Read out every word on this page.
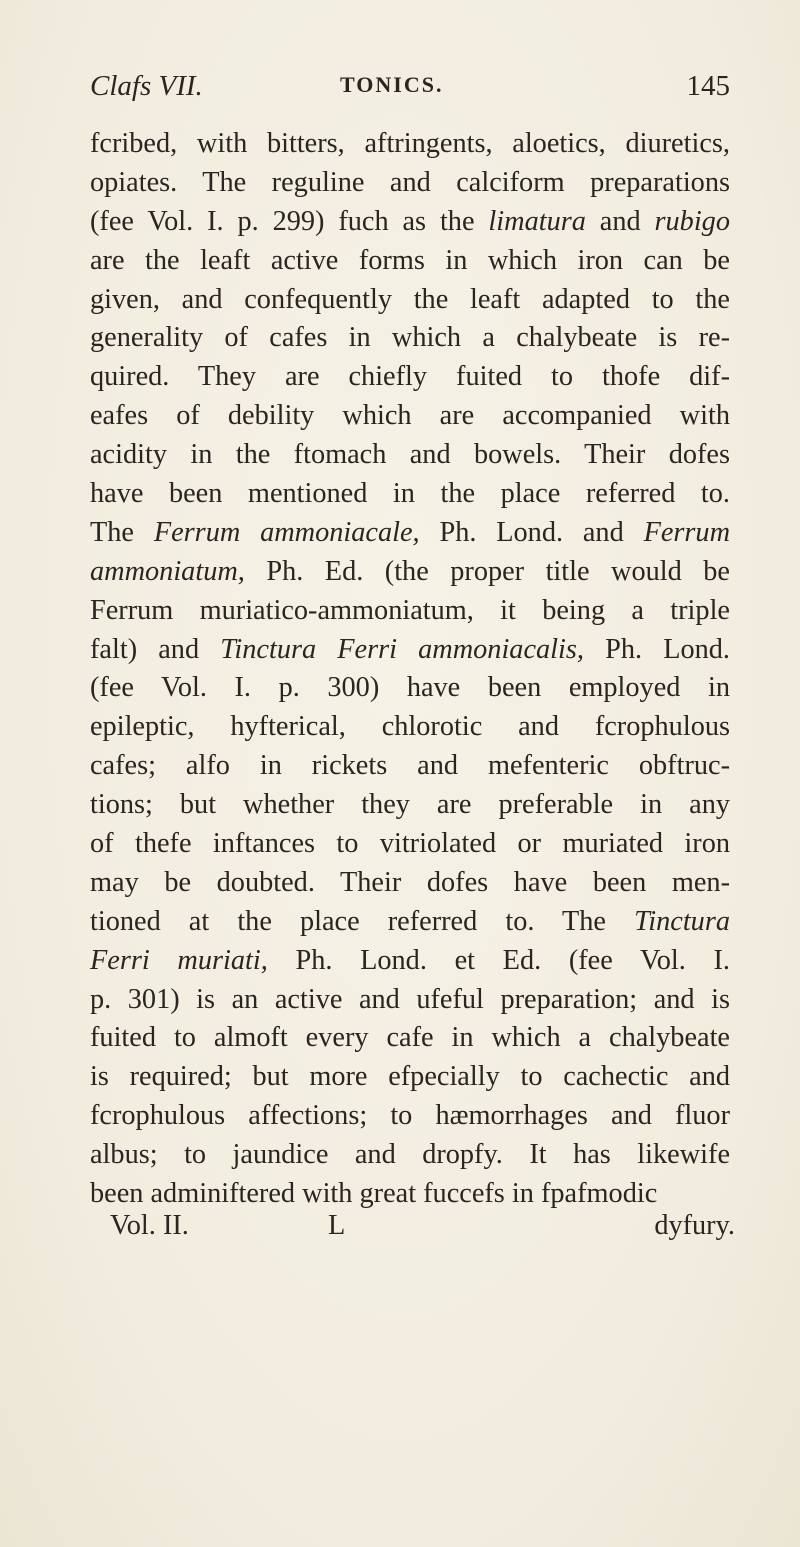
Clafs VII.	TONICS.	145
fcribed, with bitters, aftringents, aloetics, diuretics,
opiates. The reguline and calciform preparations
(fee Vol. I. p. 299) fuch as the limatura and rubigo
are the leaft active forms in which iron can be
given, and confequently the leaft adapted to the
generality of cafes in which a chalybeate is re-
quired. They are chiefly fuited to thofe dif-
eafes of debility which are accompanied with
acidity in the ftomach and bowels. Their dofes
have been mentioned in the place referred to.
The Ferrum ammoniacale, Ph. Lond. and Ferrum
ammoniatum, Ph. Ed. (the proper title would be
Ferrum muriatico-ammoniatum, it being a triple
falt) and Tinctura Ferri ammoniacalis, Ph. Lond.
(fee Vol. I. p. 300) have been employed in
epileptic, hyfterical, chlorotic and fcrophulous
cafes; alfo in rickets and mefenteric obftruc-
tions; but whether they are preferable in any
of thefe inftances to vitriolated or muriated iron
may be doubted. Their dofes have been men-
tioned at the place referred to. The Tinctura
Ferri muriati, Ph. Lond. et Ed. (fee Vol. I.
p. 301) is an active and ufeful preparation; and is
fuited to almoft every cafe in which a chalybeate
is required; but more efpecially to cachectic and
fcrophulous affections; to hæmorrhages and fluor
albus; to jaundice and dropfy. It has likewife
been adminiftered with great fuccefs in fpafmodic
Vol. II.	L	dyfury.
